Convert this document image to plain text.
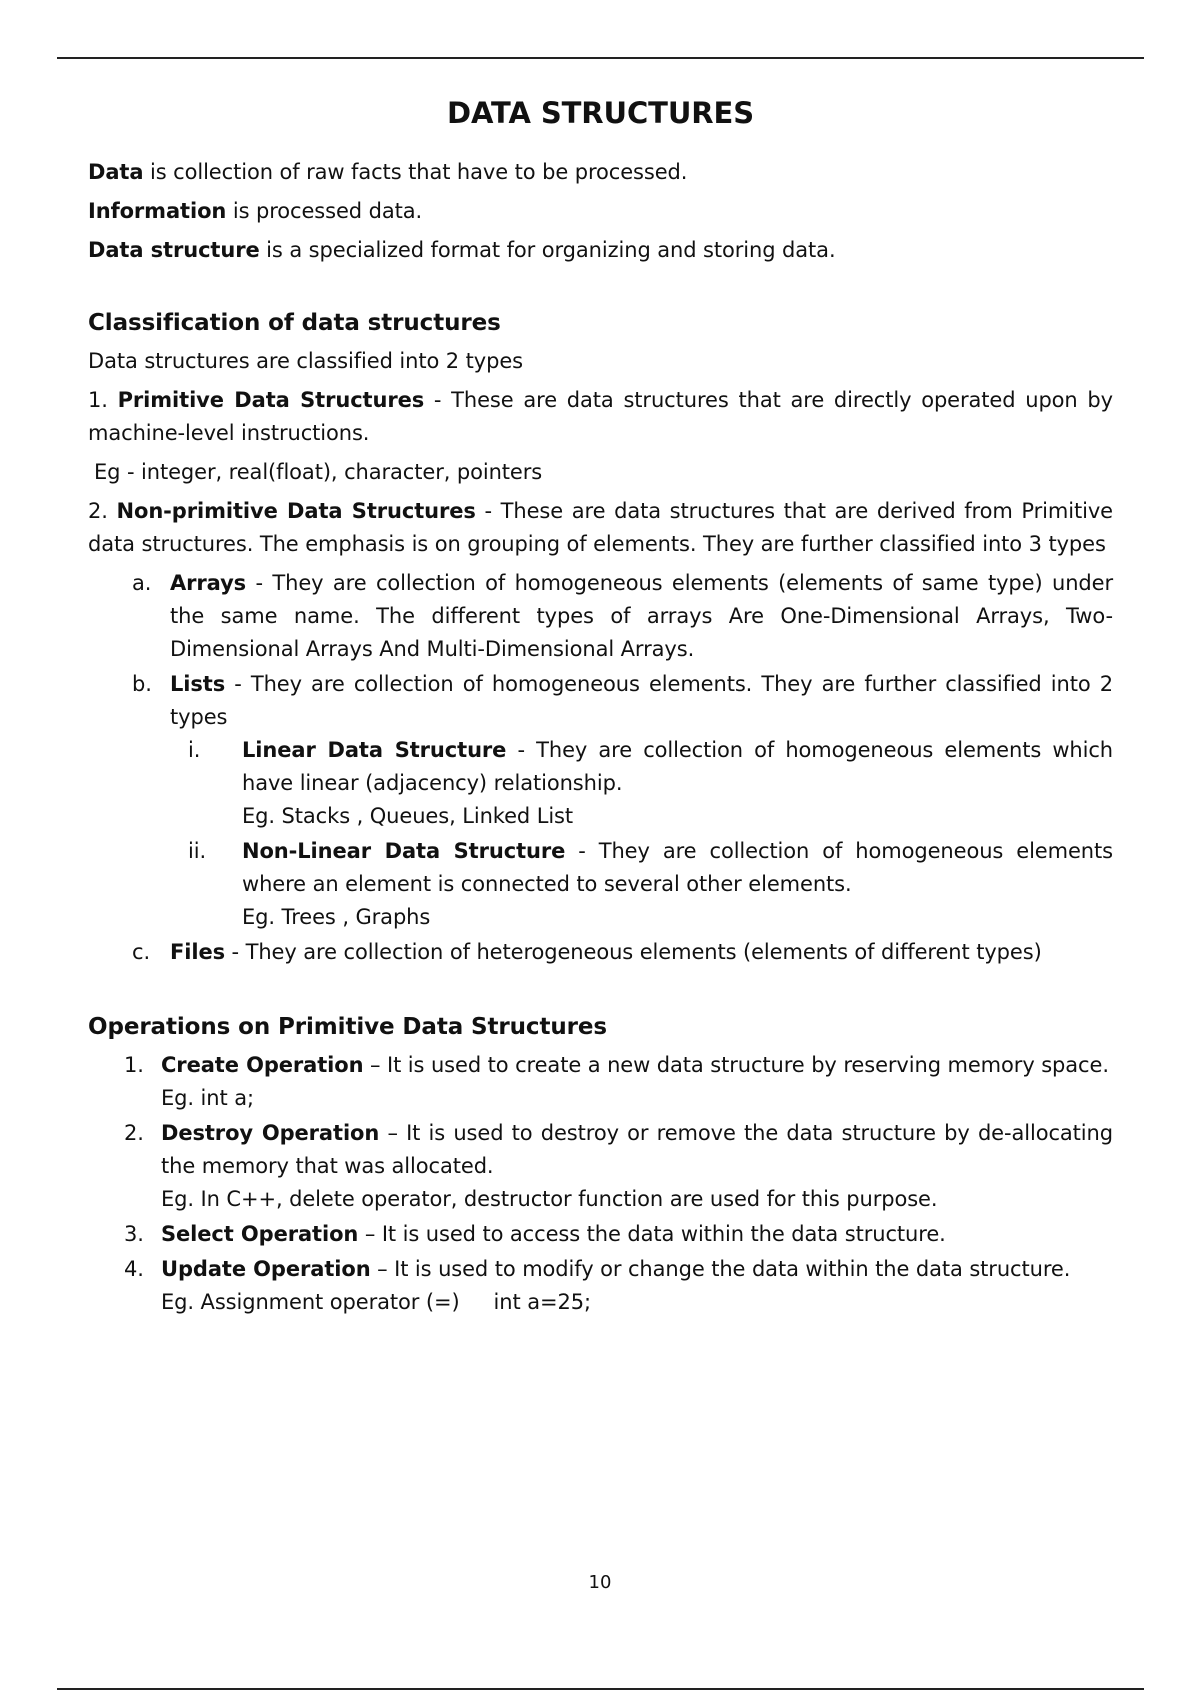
DATA STRUCTURES

Data is collection of raw facts that have to be processed.

Information is processed data.

Data structure is a specialized format for organizing and storing data.

Classification of data structures

Data structures are classified into 2 types

1. Primitive Data Structures - These are data structures that are directly operated upon by machine-level instructions.

Eg - integer, real(float), character, pointers

2. Non-primitive Data Structures - These are data structures that are derived from Primitive data structures. The emphasis is on grouping of elements. They are further classified into 3 types

a. Arrays - They are collection of homogeneous elements (elements of same type) under the same name. The different types of arrays Are One-Dimensional Arrays, Two-Dimensional Arrays And Multi-Dimensional Arrays.
b. Lists - They are collection of homogeneous elements. They are further classified into 2 types
i. Linear Data Structure - They are collection of homogeneous elements which have linear (adjacency) relationship.
Eg. Stacks , Queues, Linked List
ii. Non-Linear Data Structure - They are collection of homogeneous elements where an element is connected to several other elements.
Eg. Trees , Graphs
c. Files - They are collection of heterogeneous elements (elements of different types)
Operations on Primitive Data Structures
1. Create Operation – It is used to create a new data structure by reserving memory space.
Eg. int a;
2. Destroy Operation – It is used to destroy or remove the data structure by de-allocating the memory that was allocated.
Eg. In C++, delete operator, destructor function are used for this purpose.
3. Select Operation – It is used to access the data within the data structure.
4. Update Operation – It is used to modify or change the data within the data structure.
Eg. Assignment operator (=) int a=25;
10
